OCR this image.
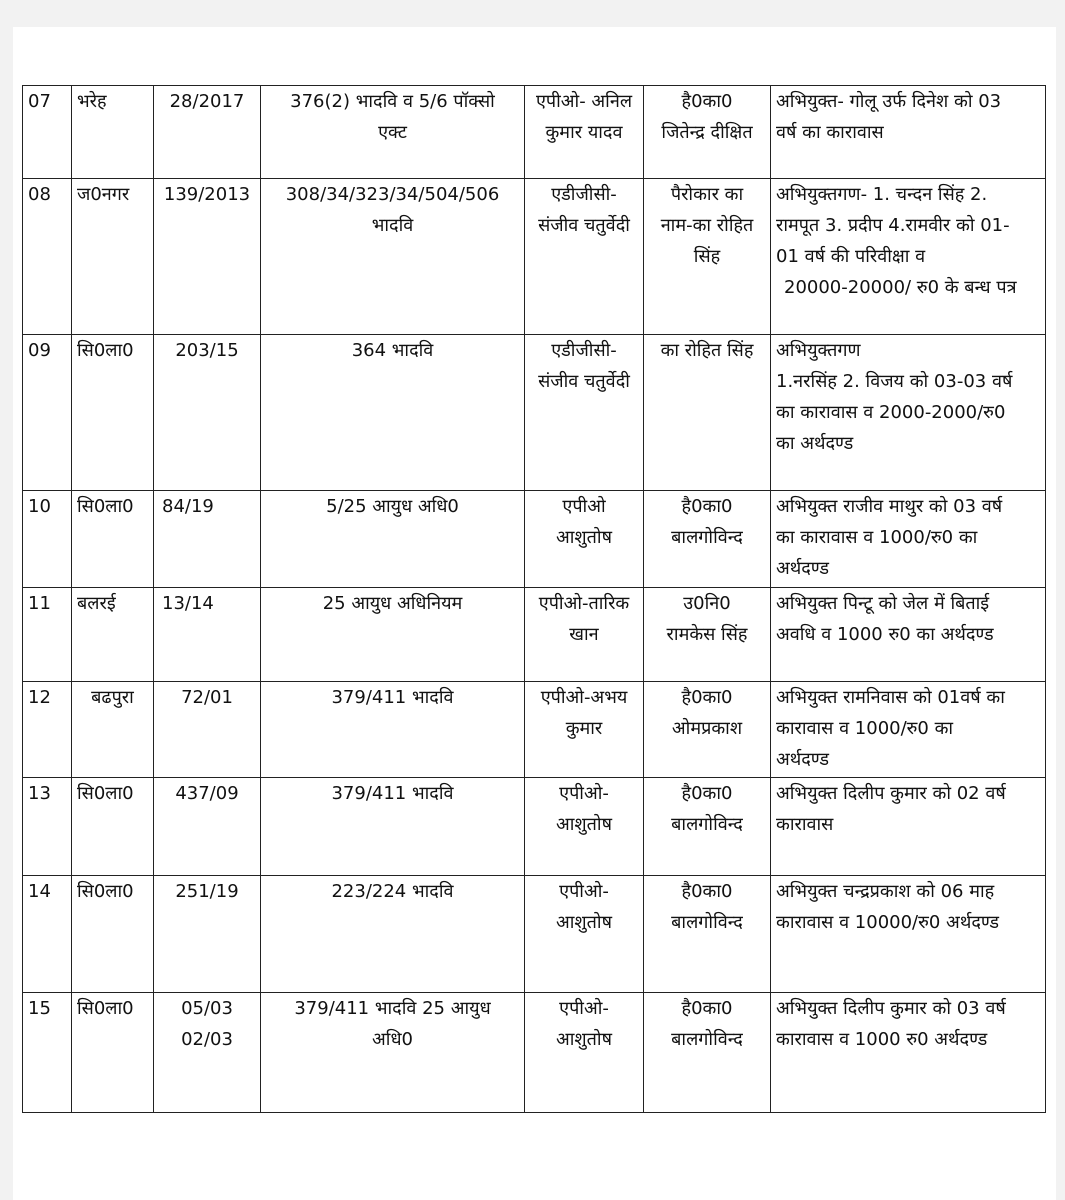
07	भरेह	28/2017	376(2) भादवि व 5/6 पॉक्सो
एक्ट	एपीओ- अनिल
कुमार यादव	है0का0
जितेन्द्र दीक्षित	अभियुक्त- गोलू उर्फ दिनेश को 03
वर्ष का कारावास

08	ज0नगर	139/2013	308/34/323/34/504/506
भादवि	एडीजीसी-
संजीव चतुर्वेदी	पैरोकार का
नाम-का रोहित
सिंह	अभियुक्तगण- 1. चन्दन सिंह 2.
रामपूत 3. प्रदीप 4.रामवीर को 01-
01 वर्ष की परिवीक्षा व
20000-20000/ रु0 के बन्ध पत्र

09	सि0ला0	203/15	364 भादवि	एडीजीसी-
संजीव चतुर्वेदी	का रोहित सिंह	अभियुक्तगण
1.नरसिंह 2. विजय को 03-03 वर्ष
का कारावास व 2000-2000/रु0
का अर्थदण्ड

10	सि0ला0	84/19	5/25 आयुध अधि0	एपीओ
आशुतोष	है0का0
बालगोविन्द	अभियुक्त राजीव माथुर को 03 वर्ष
का कारावास व 1000/रु0 का
अर्थदण्ड

11	बलरई	13/14	25 आयुध अधिनियम	एपीओ-तारिक
खान	उ0नि0
रामकेस सिंह	अभियुक्त पिन्टू को जेल में बिताई
अवधि व 1000 रु0 का अर्थदण्ड

12	बढपुरा	72/01	379/411 भादवि	एपीओ-अभय
कुमार	है0का0
ओमप्रकाश	अभियुक्त रामनिवास को 01वर्ष का
कारावास व 1000/रु0 का
अर्थदण्ड

13	सि0ला0	437/09	379/411 भादवि	एपीओ-
आशुतोष	है0का0
बालगोविन्द	अभियुक्त दिलीप कुमार को 02 वर्ष
कारावास

14	सि0ला0	251/19	223/224 भादवि	एपीओ-
आशुतोष	है0का0
बालगोविन्द	अभियुक्त चन्द्रप्रकाश को 06 माह
कारावास व 10000/रु0 अर्थदण्ड

15	सि0ला0	05/03
02/03	379/411 भादवि 25 आयुध
अधि0	एपीओ-
आशुतोष	है0का0
बालगोविन्द	अभियुक्त दिलीप कुमार को 03 वर्ष
कारावास व 1000 रु0 अर्थदण्ड
